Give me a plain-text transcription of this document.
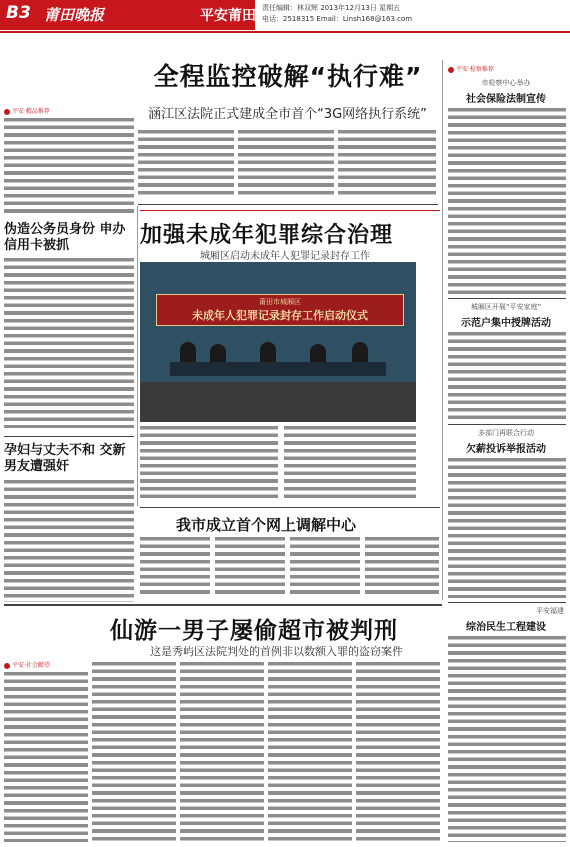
B3 莆田晚报	平安莆田 责任编辑：林双辉 2013年12月13日 星期五
电话：2518315 Email：Linsh168@163.com
全程监控破解“执行难”
涵江区法院正式建成全市首个“3G网络执行系统”
平安·精品推荐
平安·检察推荐
平安·社会瞭望
伪造公务员身份 申办信用卡被抓
孕妇与丈夫不和 交新男友遭强奸
加强未成年犯罪综合治理
城厢区启动未成年人犯罪记录封存工作
莆田市城厢区
未成年人犯罪记录封存工作启动仪式
我市成立首个网上调解中心
市检察中心举办
社会保险法制宣传
城厢区开展“平安家庭”
示范户集中授牌活动
多部门再联合行动
欠薪投诉举报活动
平安福建
综治民生工程建设
仙游一男子屡偷超市被判刑
这是秀屿区法院判处的首例非以数额入罪的盗窃案件
